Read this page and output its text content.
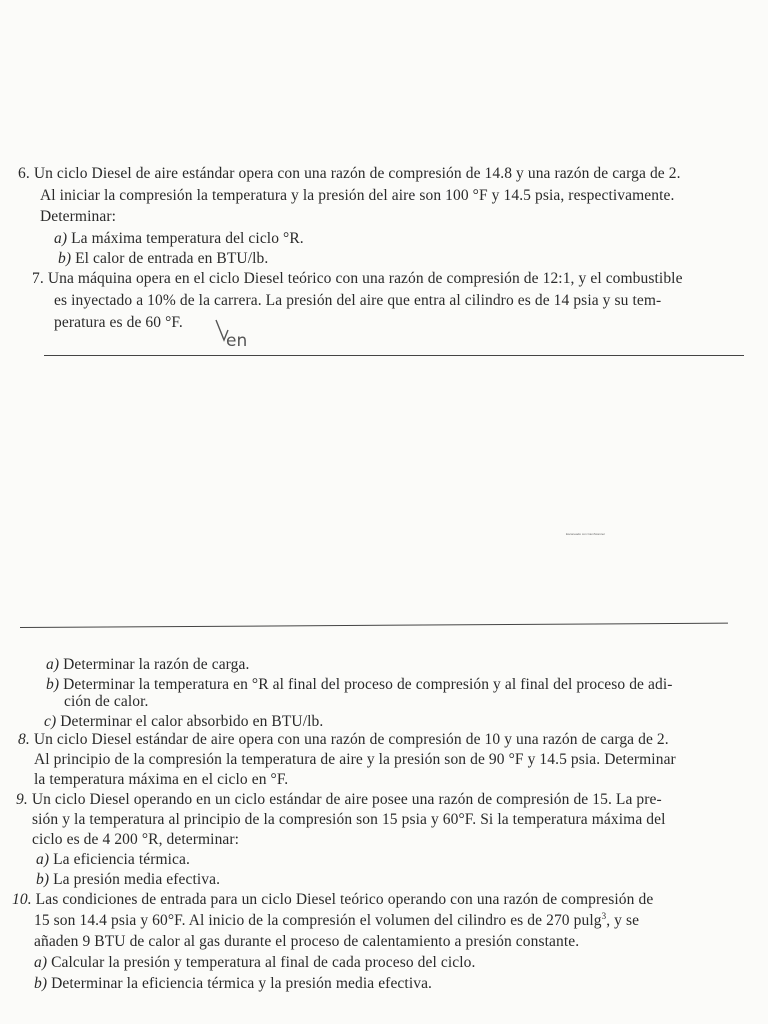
6. Un ciclo Diesel de aire estándar opera con una razón de compresión de 14.8 y una razón de carga de 2.
Al iniciar la compresión la temperatura y la presión del aire son 100 °F y 14.5 psia, respectivamente.
Determinar:
a) La máxima temperatura del ciclo °R.
b) El calor de entrada en BTU/lb.
7. Una máquina opera en el ciclo Diesel teórico con una razón de compresión de 12:1, y el combustible
es inyectado a 10% de la carrera. La presión del aire que entra al cilindro es de 14 psia y su tem-
peratura es de 60 °F.
en
Escaneado con CamScanner
a) Determinar la razón de carga.
b) Determinar la temperatura en °R al final del proceso de compresión y al final del proceso de adi-
ción de calor.
c) Determinar el calor absorbido en BTU/lb.
8. Un ciclo Diesel estándar de aire opera con una razón de compresión de 10 y una razón de carga de 2.
Al principio de la compresión la temperatura de aire y la presión son de 90 °F y 14.5 psia. Determinar
la temperatura máxima en el ciclo en °F.
9. Un ciclo Diesel operando en un ciclo estándar de aire posee una razón de compresión de 15. La pre-
sión y la temperatura al principio de la compresión son 15 psia y 60°F. Si la temperatura máxima del
ciclo es de 4 200 °R, determinar:
a) La eficiencia térmica.
b) La presión media efectiva.
10. Las condiciones de entrada para un ciclo Diesel teórico operando con una razón de compresión de
15 son 14.4 psia y 60°F. Al inicio de la compresión el volumen del cilindro es de 270 pulg$^3$, y se
añaden 9 BTU de calor al gas durante el proceso de calentamiento a presión constante.
a) Calcular la presión y temperatura al final de cada proceso del ciclo.
b) Determinar la eficiencia térmica y la presión media efectiva.
